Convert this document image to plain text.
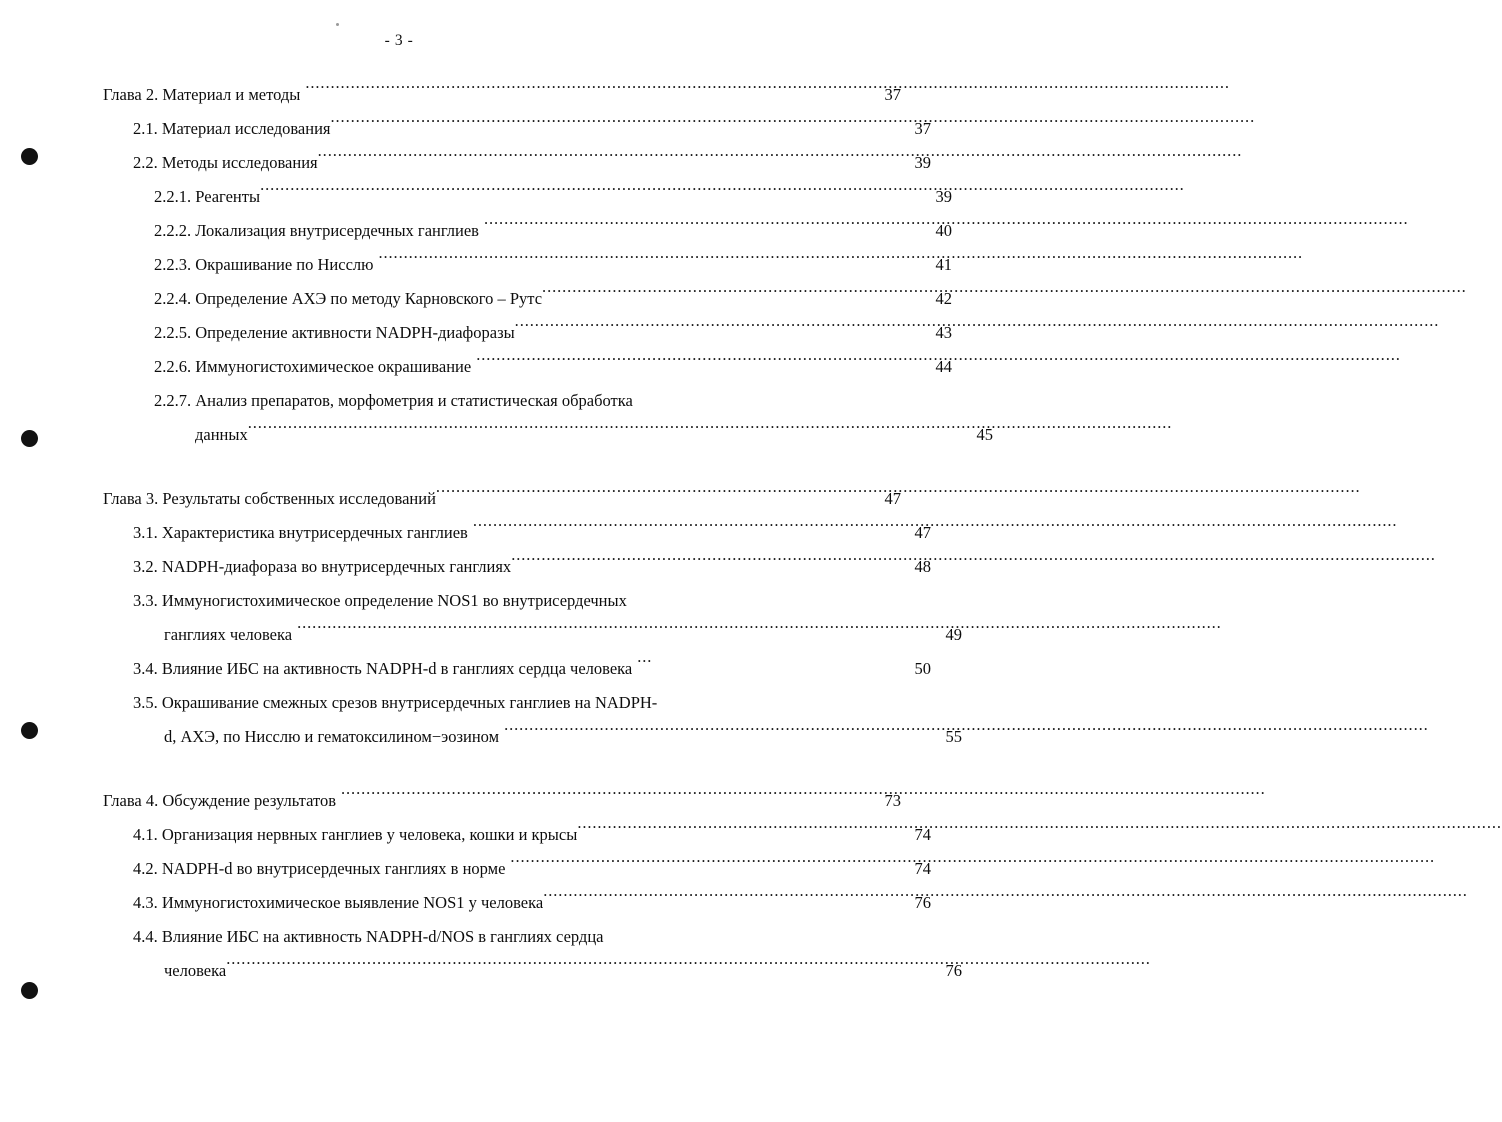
- 3 -
Глава 2. Материал и методы .....	37
2.1. Материал исследования .....	37
2.2. Методы исследования .....	39
2.2.1. Реагенты .....	39
2.2.2. Локализация внутрисердечных ганглиев .....	40
2.2.3. Окрашивание по Нисслю .....	41
2.2.4. Определение АХЭ по методу Карновского – Рутс .....	42
2.2.5. Определение активности NADPH-диафоразы .....	43
2.2.6. Иммуногистохимическое окрашивание .....	44
2.2.7. Анализ препаратов, морфометрия и статистическая обработка
данных .....	45
Глава 3. Результаты собственных исследований .....	47
3.1. Характеристика внутрисердечных ганглиев .....	47
3.2. NADPH-диафораза во внутрисердечных ганглиях .....	48
3.3. Иммуногистохимическое определение NOS1 во внутрисердечных
ганглиях человека .....	49
3.4. Влияние ИБС на активность NADPH-d в ганглиях сердца человека ...	50
3.5. Окрашивание смежных срезов внутрисердечных ганглиев на NADPH-
d, АХЭ, по Нисслю и гематоксилином−эозином .....	55
Глава 4. Обсуждение результатов .....	73
4.1. Организация нервных ганглиев у человека, кошки и крысы .....	74
4.2. NADPH-d во внутрисердечных ганглиях в норме .....	74
4.3. Иммуногистохимическое выявление NOS1 у человека .....	76
4.4. Влияние ИБС на активность NADPH-d/NOS в ганглиях сердца
человека .....	76
